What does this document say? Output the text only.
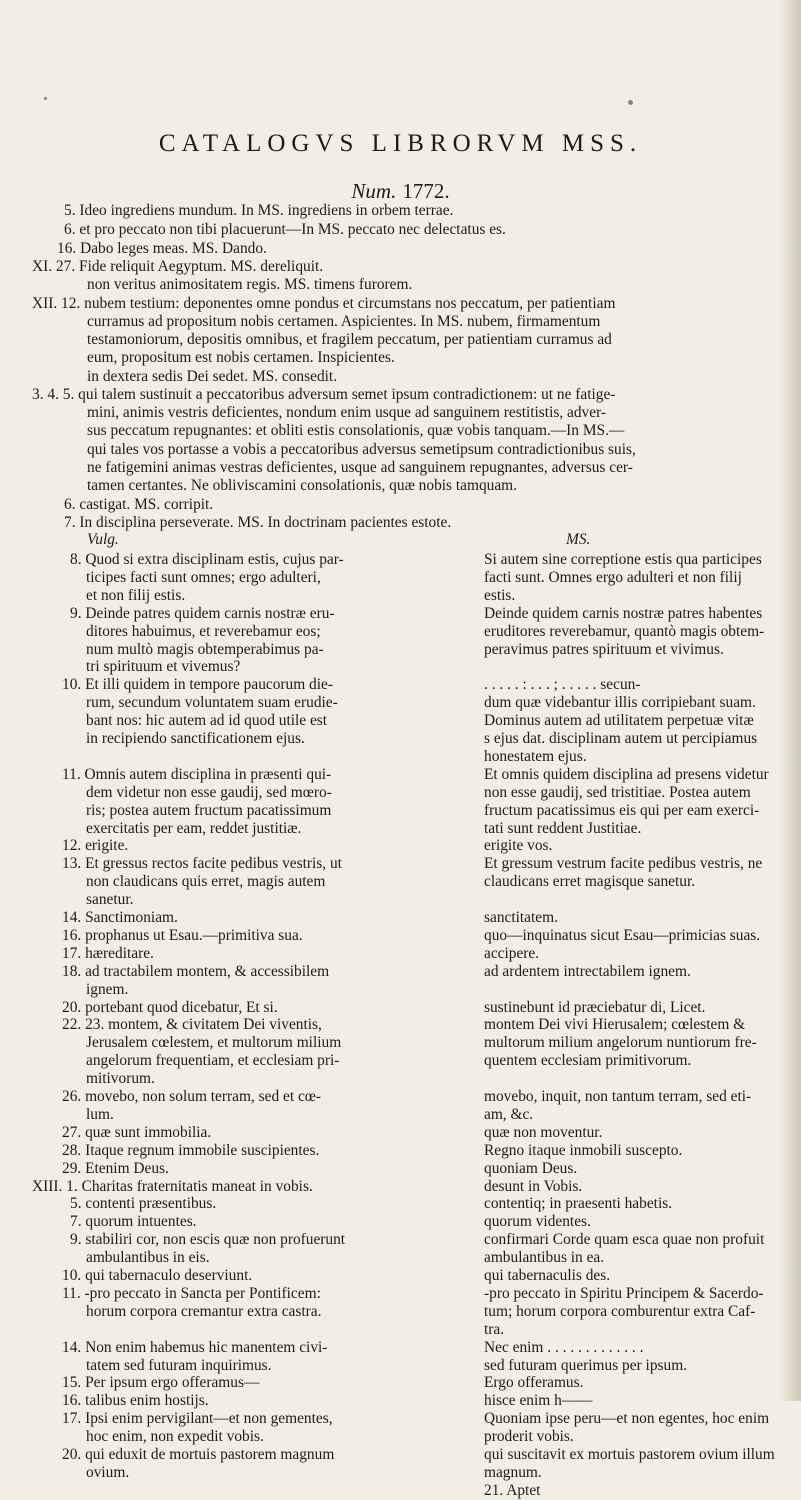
CATALOGVS LIBRORVM MSS.
Num. 1772.
5. Ideo ingrediens mundum. In MS. ingrediens in orbem terrae.
6. et pro peccato non tibi placuerunt—In MS. peccato nec delectatus es.
16. Dabo leges meas. MS. Dando.
XI. 27. Fide reliquit Aegyptum. MS. dereliquit.
non veritus animositatem regis. MS. timens furorem.
XII. 12. nubem testium: deponentes omne pondus et circumstans nos peccatum, per patientiam
curramus ad propositum nobis certamen. Aspicientes. In MS. nubem, firmamentum
testamoniorum, depositis omnibus, et fragilem peccatum, per patientiam curramus ad
eum, propositum est nobis certamen. Inspicientes.
in dextera sedis Dei sedet. MS. consedit.
3. 4. 5. qui talem sustinuit a peccatoribus adversum semet ipsum contradictionem: ut ne fatige-
mini, animis vestris deficientes, nondum enim usque ad sanguinem restitistis, adver-
sus peccatum repugnantes: et obliti estis consolationis, quæ vobis tanquam.—In MS.—
qui tales vos portasse a vobis a peccatoribus adversus semetipsum contradictionibus suis,
ne fatigemini animas vestras deficientes, usque ad sanguinem repugnantes, adversus cer-
tamen certantes. Ne obliviscamini consolationis, quæ nobis tamquam.
6. castigat. MS. corripit.
7. In disciplina perseverate. MS. In doctrinam pacientes estote.
Vulg.	MS.
8. Quod si extra disciplinam estis, cujus par-
ticipes facti sunt omnes; ergo adulteri,
et non filij estis.
9. Deinde patres quidem carnis nostræ eru-
ditores habuimus, et reverebamur eos;
num multò magis obtemperabimus pa-
tri spirituum et vivemus?
10. Et illi quidem in tempore paucorum die-
rum, secundum voluntatem suam erudie-
bant nos: hic autem ad id quod utile est
in recipiendo sanctificationem ejus.
11. Omnis autem disciplina in præsenti qui-
dem videtur non esse gaudij, sed mœro-
ris; postea autem fructum pacatissimum
exercitatis per eam, reddet justitiæ.
12. erigite.
13. Et gressus rectos facite pedibus vestris, ut
non claudicans quis erret, magis autem
sanetur.
14. Sanctimoniam.
16. prophanus ut Esau.—primitiva sua.
17. hæreditare.
18. ad tractabilem montem, & accessibilem
ignem.
20. portebant quod dicebatur, Et si.
22. 23. montem, & civitatem Dei viventis,
Jerusalem cœlestem, et multorum milium
angelorum frequentiam, et ecclesiam pri-
mitivorum.
26. movebo, non solum terram, sed et cœ-
lum.
27. quæ sunt immobilia.
28. Itaque regnum immobile suscipientes.
29. Etenim Deus.
XIII. 1. Charitas fraternitatis maneat in vobis.
5. contenti præsentibus.
7. quorum intuentes.
9. stabiliri cor, non escis quæ non profuerunt
ambulantibus in eis.
10. qui tabernaculo deserviunt.
11. -pro peccato in Sancta per Pontificem:
horum corpora cremantur extra castra.
14. Non enim habemus hic manentem civi-
tatem sed futuram inquirimus.
15. Per ipsum ergo offeramus—
16. talibus enim hostijs.
17. Ipsi enim pervigilant—et non gementes,
hoc enim, non expedit vobis.
20. qui eduxit de mortuis pastorem magnum
ovium.
Si autem sine correptione estis qua participes
facti sunt. Omnes ergo adulteri et non filij
estis.
Deinde quidem carnis nostræ patres habentes
eruditores reverebamur, quantò magis obtem-
peravimus patres spirituum et vivimus.
. . . . . : . . . ; . . . . . secun-
dum quæ videbantur illis corripiebant suam.
Dominus autem ad utilitatem perpetuæ vitæ
s ejus dat. disciplinam autem ut percipiamus
honestatem ejus.
Et omnis quidem disciplina ad presens videtur
non esse gaudij, sed tristitiae. Postea autem
fructum pacatissimus eis qui per eam exerci-
tati sunt reddent Justitiae.
erigite vos.
Et gressum vestrum facite pedibus vestris, ne
claudicans erret magisque sanetur.
sanctitatem.
quo—inquinatus sicut Esau—primicias suas.
accipere.
ad ardentem intrectabilem ignem.
sustinebunt id præciebatur di, Licet.
montem Dei vivi Hierusalem; cœlestem &
multorum milium angelorum nuntiorum fre-
quentem ecclesiam primitivorum.
movebo, inquit, non tantum terram, sed eti-
am, &c.
quæ non moventur.
Regno itaque inmobili suscepto.
quoniam Deus.
desunt in Vobis.
contentiq; in praesenti habetis.
quorum videntes.
confirmari Corde quam esca quae non profuit
ambulantibus in ea.
qui tabernaculis des.
-pro peccato in Spiritu Principem & Sacerdo-
tum; horum corpora comburentur extra Caf-
tra.
Nec enim . . . . . . . . . . . . .
sed futuram querimus per ipsum.
Ergo offeramus.
hisce enim h——
Quoniam ipse peru—et non egentes, hoc enim
proderit vobis.
qui suscitavit ex mortuis pastorem ovium illum
magnum.
21. Aptet
